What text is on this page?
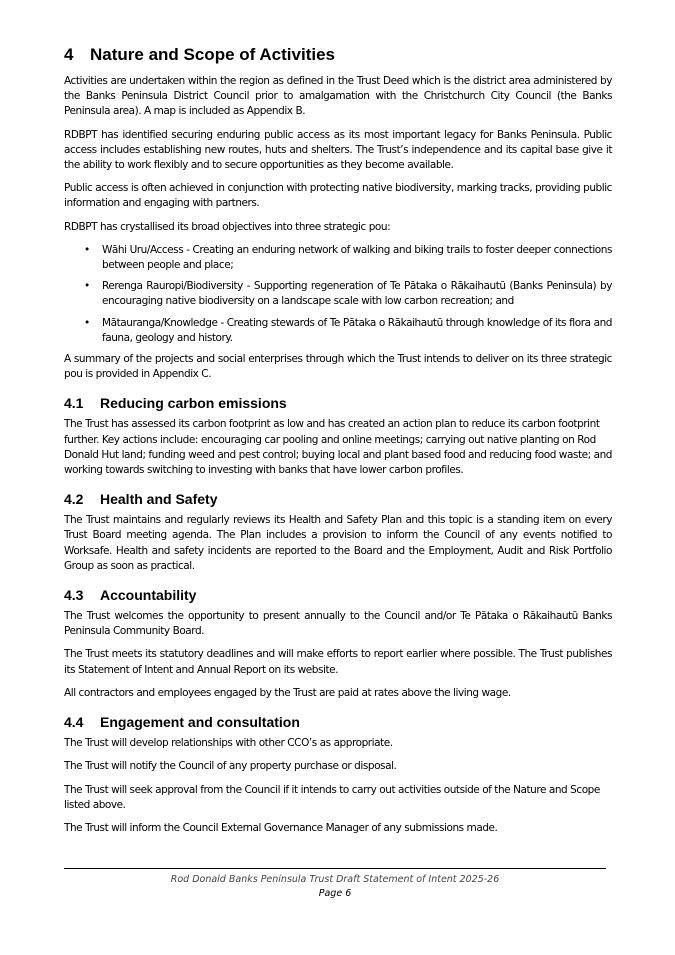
4 Nature and Scope of Activities

Activities are undertaken within the region as defined in the Trust Deed which is the district area administered by the Banks Peninsula District Council prior to amalgamation with the Christchurch City Council (the Banks Peninsula area). A map is included as Appendix B.

RDBPT has identified securing enduring public access as its most important legacy for Banks Peninsula. Public access includes establishing new routes, huts and shelters. The Trust’s independence and its capital base give it the ability to work flexibly and to secure opportunities as they become available.

Public access is often achieved in conjunction with protecting native biodiversity, marking tracks, providing public information and engaging with partners.

RDBPT has crystallised its broad objectives into three strategic pou:

• Wāhi Uru/Access - Creating an enduring network of walking and biking trails to foster deeper connections between people and place;
• Rerenga Rauropi/Biodiversity - Supporting regeneration of Te Pātaka o Rākaihautū (Banks Peninsula) by encouraging native biodiversity on a landscape scale with low carbon recreation; and
• Mātauranga/Knowledge - Creating stewards of Te Pātaka o Rākaihautū through knowledge of its flora and fauna, geology and history.

A summary of the projects and social enterprises through which the Trust intends to deliver on its three strategic pou is provided in Appendix C.

4.1 Reducing carbon emissions

The Trust has assessed its carbon footprint as low and has created an action plan to reduce its carbon footprint further. Key actions include: encouraging car pooling and online meetings; carrying out native planting on Rod Donald Hut land; funding weed and pest control; buying local and plant based food and reducing food waste; and working towards switching to investing with banks that have lower carbon profiles.

4.2 Health and Safety

The Trust maintains and regularly reviews its Health and Safety Plan and this topic is a standing item on every Trust Board meeting agenda. The Plan includes a provision to inform the Council of any events notified to Worksafe. Health and safety incidents are reported to the Board and the Employment, Audit and Risk Portfolio Group as soon as practical.

4.3 Accountability

The Trust welcomes the opportunity to present annually to the Council and/or Te Pātaka o Rākaihautū Banks Peninsula Community Board.

The Trust meets its statutory deadlines and will make efforts to report earlier where possible. The Trust publishes its Statement of Intent and Annual Report on its website.

All contractors and employees engaged by the Trust are paid at rates above the living wage.

4.4 Engagement and consultation

The Trust will develop relationships with other CCO’s as appropriate.

The Trust will notify the Council of any property purchase or disposal.

The Trust will seek approval from the Council if it intends to carry out activities outside of the Nature and Scope listed above.

The Trust will inform the Council External Governance Manager of any submissions made.

Rod Donald Banks Peninsula Trust Draft Statement of Intent 2025-26
Page 6
